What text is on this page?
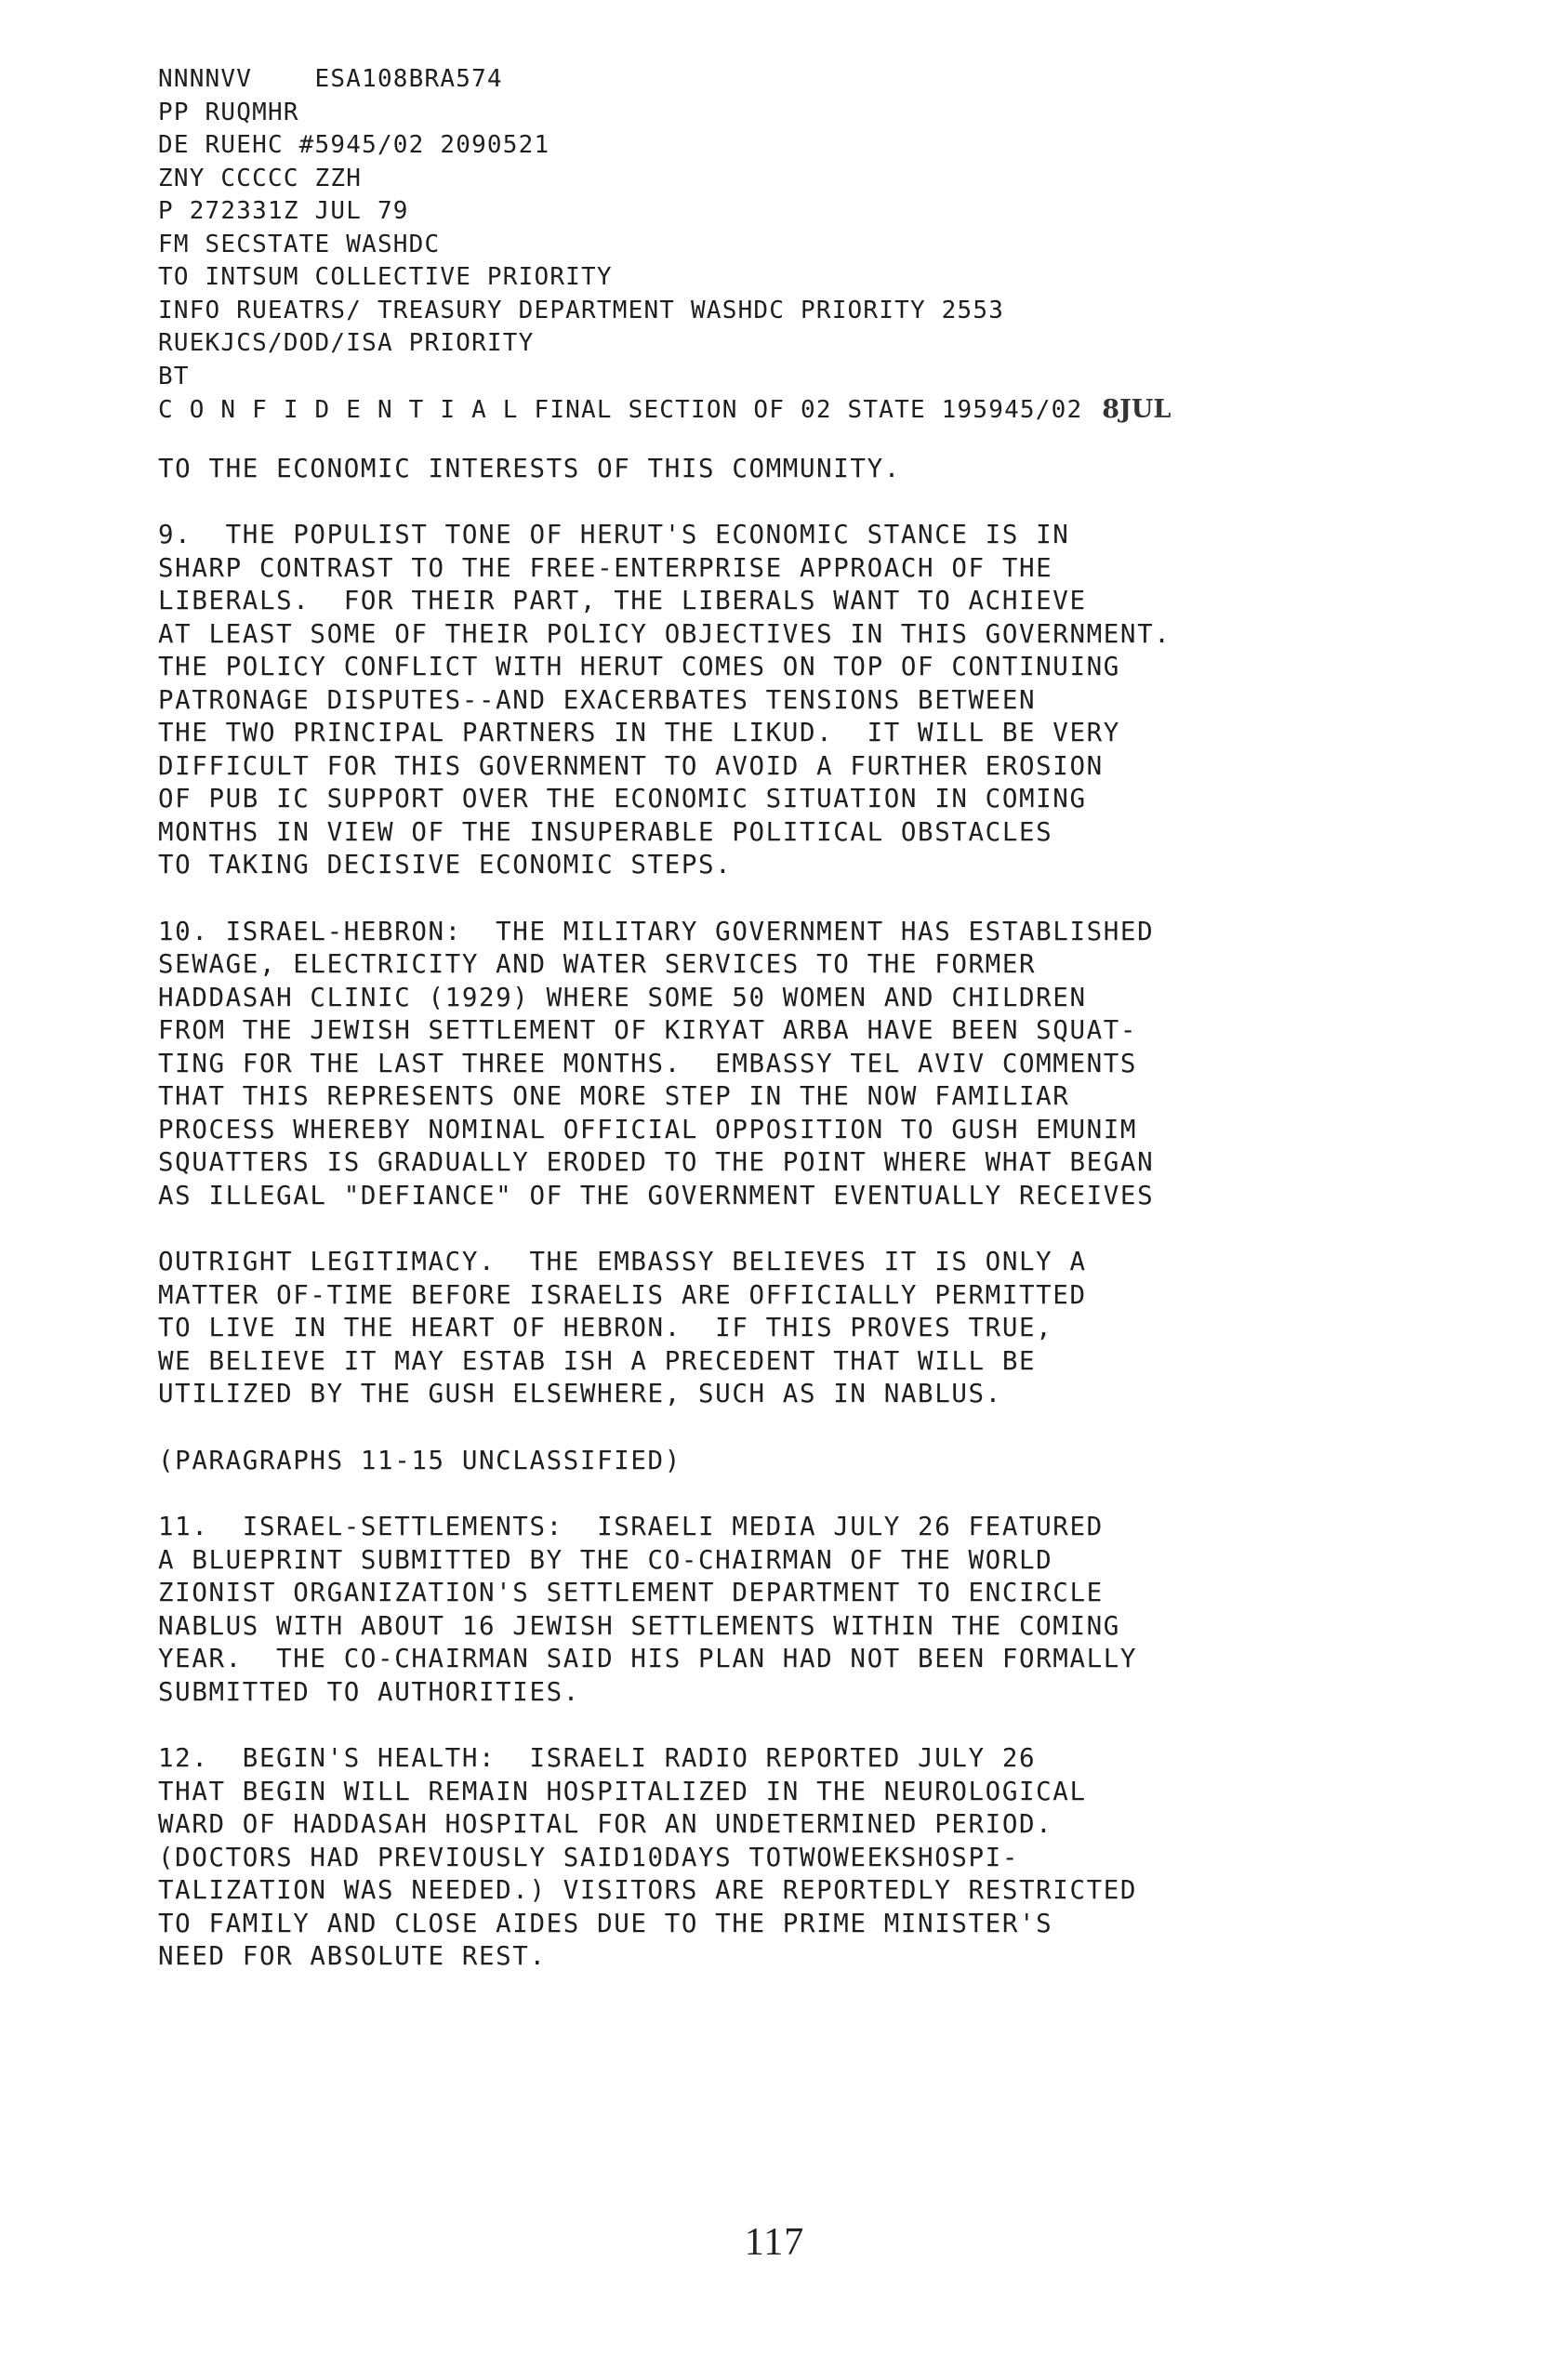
NNNNVV    ESA108BRA574
PP RUQMHR
DE RUEHC #5945/02 2090521
ZNY CCCCC ZZH
P 272331Z JUL 79
FM SECSTATE WASHDC
TO INTSUM COLLECTIVE PRIORITY
INFO RUEATRS/ TREASURY DEPARTMENT WASHDC PRIORITY 2553
RUEKJCS/DOD/ISA PRIORITY
BT
C O N F I D E N T I A L FINAL SECTION OF 02 STATE 195945/02 8JUL
TO THE ECONOMIC INTERESTS OF THIS COMMUNITY.
9.  THE POPULIST TONE OF HERUT'S ECONOMIC STANCE IS IN
SHARP CONTRAST TO THE FREE-ENTERPRISE APPROACH OF THE
LIBERALS.  FOR THEIR PART, THE LIBERALS WANT TO ACHIEVE
AT LEAST SOME OF THEIR POLICY OBJECTIVES IN THIS GOVERNMENT.
THE POLICY CONFLICT WITH HERUT COMES ON TOP OF CONTINUING
PATRONAGE DISPUTES--AND EXACERBATES TENSIONS BETWEEN
THE TWO PRINCIPAL PARTNERS IN THE LIKUD.  IT WILL BE VERY
DIFFICULT FOR THIS GOVERNMENT TO AVOID A FURTHER EROSION
OF PUB IC SUPPORT OVER THE ECONOMIC SITUATION IN COMING
MONTHS IN VIEW OF THE INSUPERABLE POLITICAL OBSTACLES
TO TAKING DECISIVE ECONOMIC STEPS.
10. ISRAEL-HEBRON:  THE MILITARY GOVERNMENT HAS ESTABLISHED
SEWAGE, ELECTRICITY AND WATER SERVICES TO THE FORMER
HADDASAH CLINIC (1929) WHERE SOME 50 WOMEN AND CHILDREN
FROM THE JEWISH SETTLEMENT OF KIRYAT ARBA HAVE BEEN SQUAT-
TING FOR THE LAST THREE MONTHS.  EMBASSY TEL AVIV COMMENTS
THAT THIS REPRESENTS ONE MORE STEP IN THE NOW FAMILIAR
PROCESS WHEREBY NOMINAL OFFICIAL OPPOSITION TO GUSH EMUNIM
SQUATTERS IS GRADUALLY ERODED TO THE POINT WHERE WHAT BEGAN
AS ILLEGAL "DEFIANCE" OF THE GOVERNMENT EVENTUALLY RECEIVES
OUTRIGHT LEGITIMACY.  THE EMBASSY BELIEVES IT IS ONLY A
MATTER OF-TIME BEFORE ISRAELIS ARE OFFICIALLY PERMITTED
TO LIVE IN THE HEART OF HEBRON.  IF THIS PROVES TRUE,
WE BELIEVE IT MAY ESTAB ISH A PRECEDENT THAT WILL BE
UTILIZED BY THE GUSH ELSEWHERE, SUCH AS IN NABLUS.
(PARAGRAPHS 11-15 UNCLASSIFIED)
11.  ISRAEL-SETTLEMENTS:  ISRAELI MEDIA JULY 26 FEATURED
A BLUEPRINT SUBMITTED BY THE CO-CHAIRMAN OF THE WORLD
ZIONIST ORGANIZATION'S SETTLEMENT DEPARTMENT TO ENCIRCLE
NABLUS WITH ABOUT 16 JEWISH SETTLEMENTS WITHIN THE COMING
YEAR.  THE CO-CHAIRMAN SAID HIS PLAN HAD NOT BEEN FORMALLY
SUBMITTED TO AUTHORITIES.
12.  BEGIN'S HEALTH:  ISRAELI RADIO REPORTED JULY 26
THAT BEGIN WILL REMAIN HOSPITALIZED IN THE NEUROLOGICAL
WARD OF HADDASAH HOSPITAL FOR AN UNDETERMINED PERIOD.
(DOCTORS HAD PREVIOUSLY SAID10DAYS TOTWOWEEKSHOSPI-
TALIZATION WAS NEEDED.) VISITORS ARE REPORTEDLY RESTRICTED
TO FAMILY AND CLOSE AIDES DUE TO THE PRIME MINISTER'S
NEED FOR ABSOLUTE REST.
117
